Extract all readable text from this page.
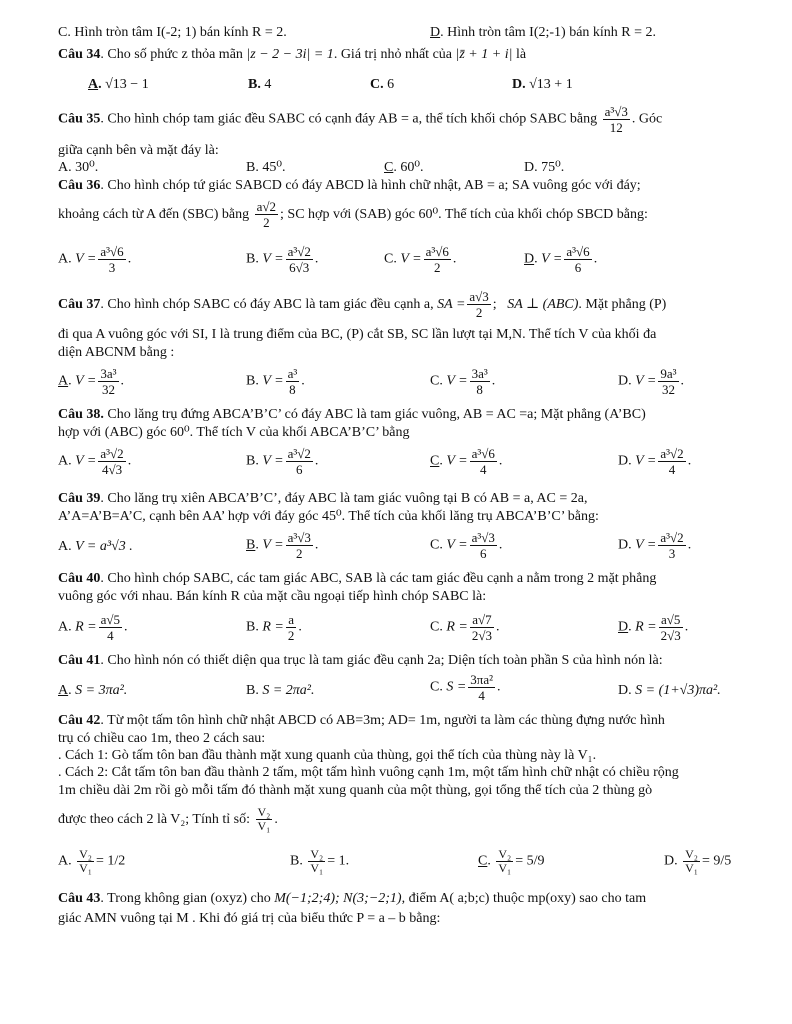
C. Hình tròn tâm I(-2; 1) bán kính R = 2.	D. Hình tròn tâm I(2;-1) bán kính R = 2.
Câu 34. Cho số phức z thỏa mãn |z − 2 − 3i| = 1. Giá trị nhỏ nhất của |z̄ + 1 + i| là
A. √13 − 1	B. 4	C. 6	D. √13 + 1
Câu 35. Cho hình chóp tam giác đều SABC có cạnh đáy AB = a, thể tích khối chóp SABC bằng $\frac{\text{a³√3}}{12}$ . Góc
giữa cạnh bên và mặt đáy là:
A. 30⁰.	B. 45⁰.	C. 60⁰.	D. 75⁰.
Câu 36. Cho hình chóp tứ giác SABCD có đáy ABCD là hình chữ nhật, AB = a; SA vuông góc với đáy;
khoảng cách từ A đến (SBC) bằng $\frac{a√2}{2}$ ; SC hợp với (SAB) góc 60⁰. Thể tích của khối chóp SBCD bằng:
A. $V = \frac{\text{a³√6}}{3}$ .	B. $V = \frac{\text{a³√2}}{6√3}$ .	C. $V = \frac{\text{a³√6}}{2}$ .	D. $V = \frac{\text{a³√6}}{6}$ .
Câu 37. Cho hình chóp SABC có đáy ABC là tam giác đều cạnh a, SA = $\frac{a√3}{2}$ ; SA ⊥ (ABC). Mặt phẳng (P)
đi qua A vuông góc với SI, I là trung điểm của BC, (P) cắt SB, SC lần lượt tại M,N. Thể tích V của khối đa
diện ABCNM bằng :
A. $V = \frac{\text{3a³}}{32}$ .	B. $V = \frac{\text{a³}}{8}$ .	C. $V = \frac{\text{3a³}}{8}$ .	D. $V = \frac{\text{9a³}}{32}$ .
Câu 38. Cho lăng trụ đứng ABCA’B’C’ có đáy ABC là tam giác vuông, AB = AC =a; Mặt phẳng (A’BC)
hợp với (ABC) góc 60⁰. Thể tích V của khối ABCA’B’C’ bằng
A. $V = \frac{\text{a³√2}}{4√3}$ .	B. $V = \frac{\text{a³√2}}{6}$ .	C. $V = \frac{\text{a³√6}}{4}$ .	D. $V = \frac{\text{a³√2}}{4}$ .
Câu 39. Cho lăng trụ xiên ABCA’B’C’, đáy ABC là tam giác vuông tại B có AB = a, AC = 2a,
A’A=A’B=A’C, cạnh bên AA’ hợp với đáy góc 45⁰. Thể tích của khối lăng trụ ABCA’B’C’ bằng:
A. V = a³√3 .	B. $V = \frac{\text{a³√3}}{2}$ .	C. $V = \frac{\text{a³√3}}{6}$ .	D. $V = \frac{\text{a³√2}}{3}$ .
Câu 40. Cho hình chóp SABC, các tam giác ABC, SAB là các tam giác đều cạnh a nằm trong 2 mặt phẳng
vuông góc với nhau. Bán kính R của mặt cầu ngoại tiếp hình chóp SABC là:
A. $R = \frac{a√5}{4}$ .	B. $R = \frac{a}{2}$ .	C. $R = \frac{a√7}{2√3}$ .	D. $R = \frac{a√5}{2√3}$ .
Câu 41. Cho hình nón có thiết diện qua trục là tam giác đều cạnh 2a; Diện tích toàn phần S của hình nón là:
A. S = 3πa².	B. S = 2πa².	C. $S = \frac{\text{3πa²}}{4}$ .	D. S = (1+√3)πa².
Câu 42. Từ một tấm tôn hình chữ nhật ABCD có AB=3m; AD= 1m, người ta làm các thùng đựng nước hình
trụ có chiều cao 1m, theo 2 cách sau:
. Cách 1: Gò tấm tôn ban đầu thành mặt xung quanh của thùng, gọi thể tích của thùng này là V₁.
. Cách 2: Cắt tấm tôn ban đầu thành 2 tấm, một tấm hình vuông cạnh 1m, một tấm hình chữ nhật có chiều rộng
1m chiều dài 2m rồi gò mỗi tấm đó thành mặt xung quanh của một thùng, gọi tổng thể tích của 2 thùng gò
được theo cách 2 là V₂; Tính tỉ số: $\frac{\text{V₂}}{\text{V₁}}$ .
A. $\frac{\text{V₂}}{\text{V₁}} = 1/2$	B. $\frac{\text{V₂}}{\text{V₁}} = 1$.	C. $\frac{\text{V₂}}{\text{V₁}} = 5/9$	D. $\frac{\text{V₂}}{\text{V₁}} = 9/5$
Câu 43. Trong không gian (oxyz) cho M(−1;2;4); N(3;−2;1), điểm A( a;b;c) thuộc mp(oxy) sao cho tam
giác AMN vuông tại M . Khi đó giá trị của biểu thức P = a – b bằng:
